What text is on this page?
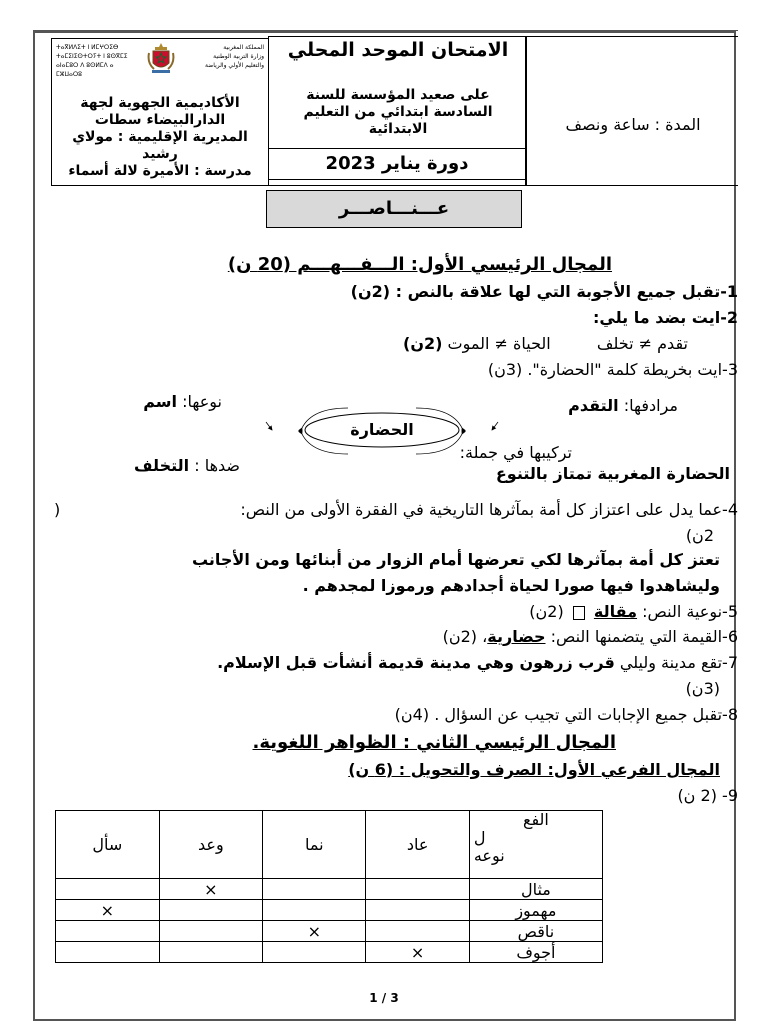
ⵜⴰⴳⵍⴷⵉⵜ ⵏ ⵍⵎⵖⵔⵉⴱ
ⵜⴰⵎⵉⵏⵉⵙⵜⵔⵢⵜ ⵏ ⵓⵙⴳⵎⵉ
ⴰⵏⴰⵎⵓⵔ ⴷ ⵓⵙⵍⵎⴷ ⴰ ⵎⵣⵡⴰⵔⵓ
المملكة المغربية
وزارة التربية الوطنية
والتعليم الأولي والرياضة
الأكاديمية الجهوية لجهة الدارالبيضاء سطات
المديرية الإقليمية : مولاي رشيد
مدرسة : الأميرة لالة أسماء
الامتحان الموحد المحلي
على صعيد المؤسسة للسنة السادسة ابتدائي من التعليم الابتدائية
دورة يناير 2023
المدة : ساعة ونصف
عـــنـــاصـــر
المجال الرئيسي الأول: الـــفـــهـــم (20 ن)
1-تقبل جميع الأجوبة التي لها علاقة بالنص : (2ن)
2-ايت بضد ما يلي:
تقدم ≠ تخلف  الحياة ≠ الموت (2ن)
3-ايت بخريطة كلمة "الحضارة". (3ن)
الحضارة
نوعها: اسم	مرادفها: التقدم
ضدها : التخلف
تركيبها في جملة:
الحضارة المغربية تمتاز بالتنوع
4-عما يدل على اعتزاز كل أمة بمآثرها التاريخية في الفقرة الأولى من النص:
(
2ن)
تعتز كل أمة بمآثرها لكي تعرضها أمام الزوار من أبنائها ومن الأجانب
وليشاهدوا فيها صورا لحياة أجدادهم ورموزا لمجدهم .
5-نوعية النص: مقالة  (2ن)
6-القيمة التي يتضمنها النص: حضارية، (2ن)
7-تقع مدينة وليلي قرب زرهون وهي مدينة قديمة أنشأت قبل الإسلام.
(3ن)
8-تقبل جميع الإجابات التي تجيب عن السؤال . (4ن)
المجال الرئيسي الثاني : الظواهر اللغوية.
المجال الفرعي الأول: الصرف والتحويل : (6 ن)
9- (2 ن)
الفع
ل
نوعه	عاد	نما	وعد	سأل
مثال			×	
مهموز				×
ناقص		×		
أجوف	×			
1 / 3
